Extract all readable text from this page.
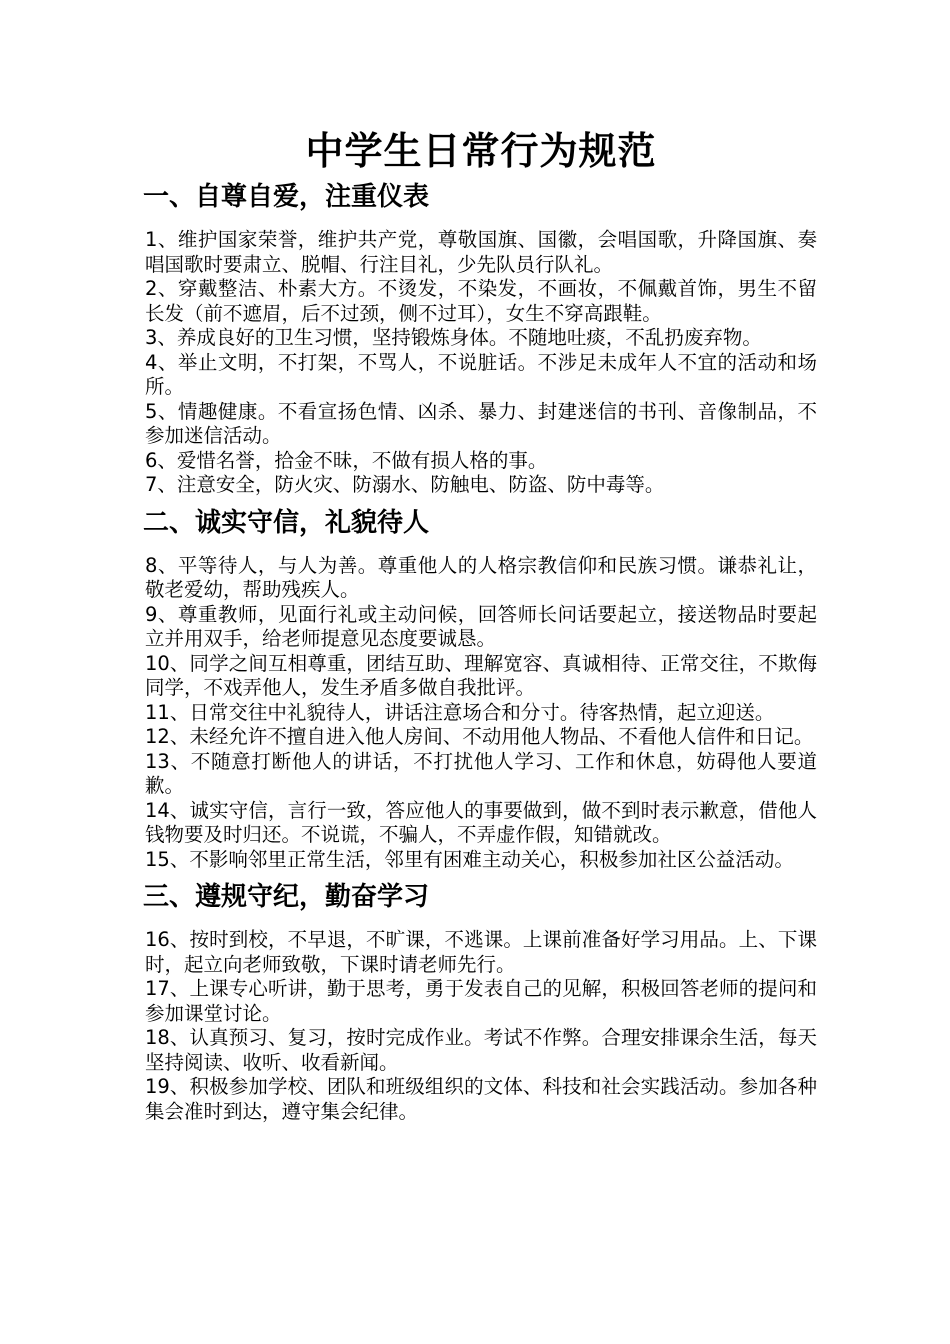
中学生日常行为规范
一、自尊自爱，注重仪表

1、维护国家荣誉，维护共产党，尊敬国旗、国徽，会唱国歌，升降国旗、奏唱国歌时要肃立、脱帽、行注目礼，少先队员行队礼。

2、穿戴整洁、朴素大方。不烫发，不染发，不画妆，不佩戴首饰，男生不留长发（前不遮眉，后不过颈，侧不过耳），女生不穿高跟鞋。

3、养成良好的卫生习惯，坚持锻炼身体。不随地吐痰，不乱扔废弃物。

4、举止文明，不打架，不骂人，不说脏话。不涉足未成年人不宜的活动和场所。

5、情趣健康。不看宣扬色情、凶杀、暴力、封建迷信的书刊、音像制品，不参加迷信活动。

6、爱惜名誉，拾金不昧，不做有损人格的事。

7、注意安全，防火灾、防溺水、防触电、防盗、防中毒等。

二、诚实守信，礼貌待人

8、平等待人，与人为善。尊重他人的人格宗教信仰和民族习惯。谦恭礼让，敬老爱幼，帮助残疾人。

9、尊重教师，见面行礼或主动问候，回答师长问话要起立，接送物品时要起立并用双手，给老师提意见态度要诚恳。

10、同学之间互相尊重，团结互助、理解宽容、真诚相待、正常交往，不欺侮同学，不戏弄他人，发生矛盾多做自我批评。

11、日常交往中礼貌待人，讲话注意场合和分寸。待客热情，起立迎送。

12、未经允许不擅自进入他人房间、不动用他人物品、不看他人信件和日记。

13、不随意打断他人的讲话，不打扰他人学习、工作和休息，妨碍他人要道歉。

14、诚实守信，言行一致，答应他人的事要做到，做不到时表示歉意，借他人钱物要及时归还。不说谎，不骗人，不弄虚作假，知错就改。

15、不影响邻里正常生活，邻里有困难主动关心，积极参加社区公益活动。

三、遵规守纪，勤奋学习

16、按时到校，不早退，不旷课，不逃课。上课前准备好学习用品。上、下课时，起立向老师致敬，下课时请老师先行。

17、上课专心听讲，勤于思考，勇于发表自己的见解，积极回答老师的提问和参加课堂讨论。

18、认真预习、复习，按时完成作业。考试不作弊。合理安排课余生活，每天坚持阅读、收听、收看新闻。

19、积极参加学校、团队和班级组织的文体、科技和社会实践活动。参加各种集会准时到达，遵守集会纪律。
